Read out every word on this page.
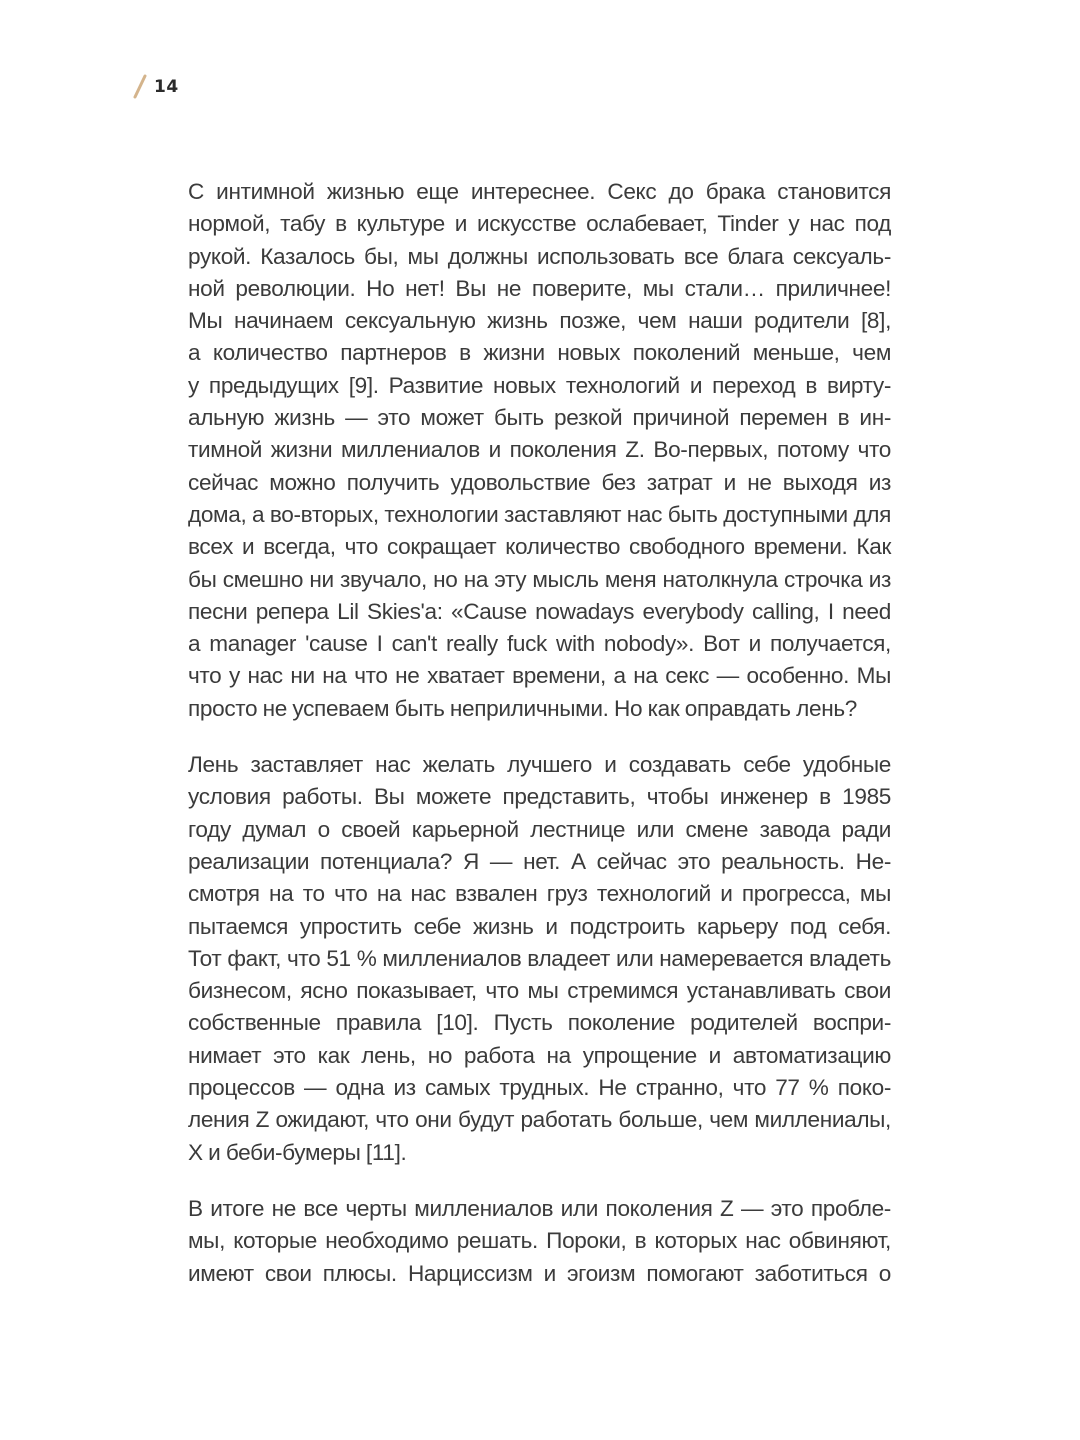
14
С интимной жизнью еще интереснее. Секс до брака становится
нормой, табу в культуре и искусстве ослабевает, Tinder у нас под
рукой. Казалось бы, мы должны использовать все блага сексуаль-
ной революции. Но нет! Вы не поверите, мы стали… приличнее!
Мы начинаем сексуальную жизнь позже, чем наши родители [8],
а количество партнеров в жизни новых поколений меньше, чем
у предыдущих [9]. Развитие новых технологий и переход в вирту-
альную жизнь — это может быть резкой причиной перемен в ин-
тимной жизни миллениалов и поколения Z. Во-первых, потому что
сейчас можно получить удовольствие без затрат и не выходя из
дома, а во-вторых, технологии заставляют нас быть доступными для
всех и всегда, что сокращает количество свободного времени. Как
бы смешно ни звучало, но на эту мысль меня натолкнула строчка из
песни репера Lil Skies'a: «Cause nowadays everybody calling, I need
a manager 'cause I can't really fuck with nobody». Вот и получается,
что у нас ни на что не хватает времени, а на секс — особенно. Мы
просто не успеваем быть неприличными. Но как оправдать лень?
Лень заставляет нас желать лучшего и создавать себе удобные
условия работы. Вы можете представить, чтобы инженер в 1985
году думал о своей карьерной лестнице или смене завода ради
реализации потенциала? Я — нет. А сейчас это реальность. Не-
смотря на то что на нас взвален груз технологий и прогресса, мы
пытаемся упростить себе жизнь и подстроить карьеру под себя.
Тот факт, что 51 % миллениалов владеет или намеревается владеть
бизнесом, ясно показывает, что мы стремимся устанавливать свои
собственные правила [10]. Пусть поколение родителей воспри-
нимает это как лень, но работа на упрощение и автоматизацию
процессов — одна из самых трудных. Не странно, что 77 % поко-
ления Z ожидают, что они будут работать больше, чем миллениалы,
X и беби-бумеры [11].
В итоге не все черты миллениалов или поколения Z — это пробле-
мы, которые необходимо решать. Пороки, в которых нас обвиняют,
имеют свои плюсы. Нарциссизм и эгоизм помогают заботиться о
